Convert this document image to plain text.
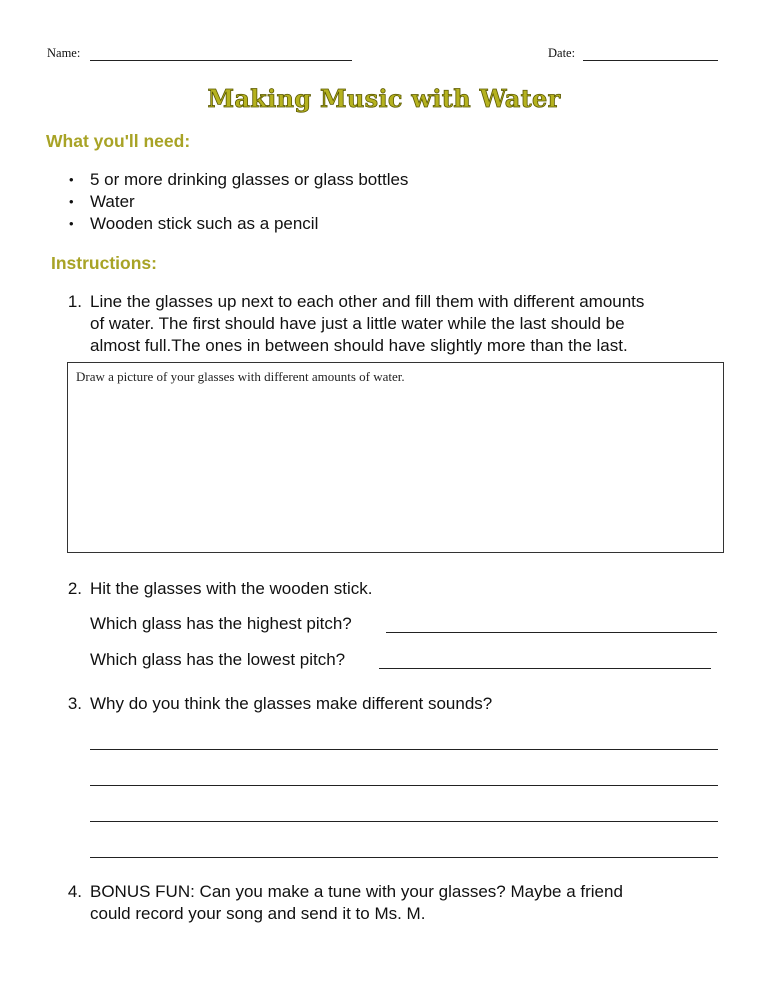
Name:	Date:
Making Music with Water
What you'll need:
• 5 or more drinking glasses or glass bottles
• Water
• Wooden stick such as a pencil
Instructions:
1. Line the glasses up next to each other and fill them with different amounts
of water. The first should have just a little water while the last should be
almost full.The ones in between should have slightly more than the last.
Draw a picture of your glasses with different amounts of water.
2. Hit the glasses with the wooden stick.
Which glass has the highest pitch?
Which glass has the lowest pitch?
3. Why do you think the glasses make different sounds?
4. BONUS FUN: Can you make a tune with your glasses? Maybe a friend
could record your song and send it to Ms. M.
